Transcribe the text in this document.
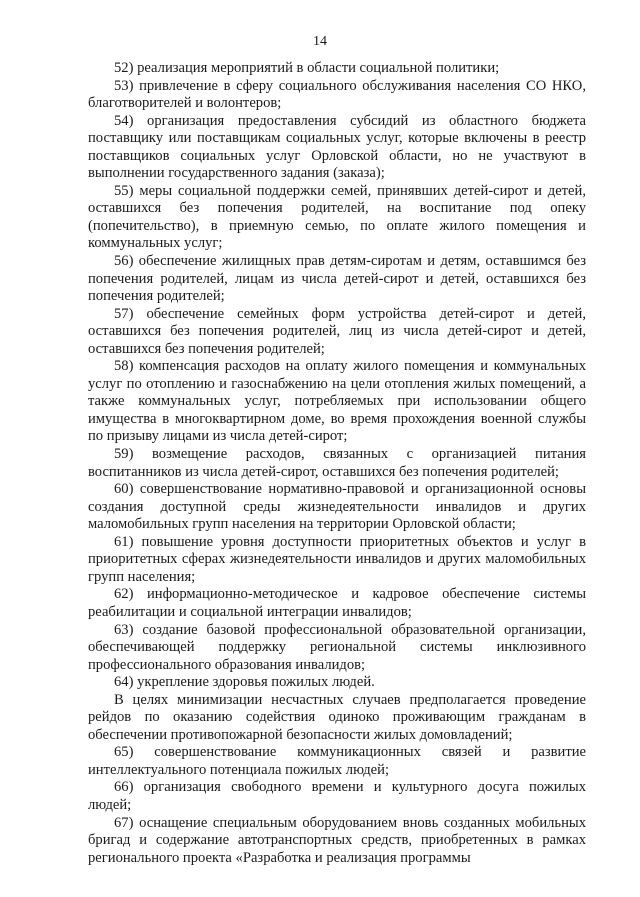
14

52) реализация мероприятий в области социальной политики;

53) привлечение в сферу социального обслуживания населения СО НКО, благотворителей и волонтеров;

54) организация предоставления субсидий из областного бюджета поставщику или поставщикам социальных услуг, которые включены в реестр поставщиков социальных услуг Орловской области, но не участвуют в выполнении государственного задания (заказа);

55) меры социальной поддержки семей, принявших детей-сирот и детей, оставшихся без попечения родителей, на воспитание под опеку (попечительство), в приемную семью, по оплате жилого помещения и коммунальных услуг;

56) обеспечение жилищных прав детям-сиротам и детям, оставшимся без попечения родителей, лицам из числа детей-сирот и детей, оставшихся без попечения родителей;

57) обеспечение семейных форм устройства детей-сирот и детей, оставшихся без попечения родителей, лиц из числа детей-сирот и детей, оставшихся без попечения родителей;

58) компенсация расходов на оплату жилого помещения и коммунальных услуг по отоплению и газоснабжению на цели отопления жилых помещений, а также коммунальных услуг, потребляемых при использовании общего имущества в многоквартирном доме, во время прохождения военной службы по призыву лицами из числа детей-сирот;

59) возмещение расходов, связанных с организацией питания воспитанников из числа детей-сирот, оставшихся без попечения родителей;

60) совершенствование нормативно-правовой и организационной основы создания доступной среды жизнедеятельности инвалидов и других маломобильных групп населения на территории Орловской области;

61) повышение уровня доступности приоритетных объектов и услуг в приоритетных сферах жизнедеятельности инвалидов и других маломобильных групп населения;

62) информационно-методическое и кадровое обеспечение системы реабилитации и социальной интеграции инвалидов;

63) создание базовой профессиональной образовательной организации, обеспечивающей поддержку региональной системы инклюзивного профессионального образования инвалидов;

64) укрепление здоровья пожилых людей.

В целях минимизации несчастных случаев предполагается проведение рейдов по оказанию содействия одиноко проживающим гражданам в обеспечении противопожарной безопасности жилых домовладений;

65) совершенствование коммуникационных связей и развитие интеллектуального потенциала пожилых людей;

66) организация свободного времени и культурного досуга пожилых людей;

67) оснащение специальным оборудованием вновь созданных мобильных бригад и содержание автотранспортных средств, приобретенных в рамках регионального проекта «Разработка и реализация программы
